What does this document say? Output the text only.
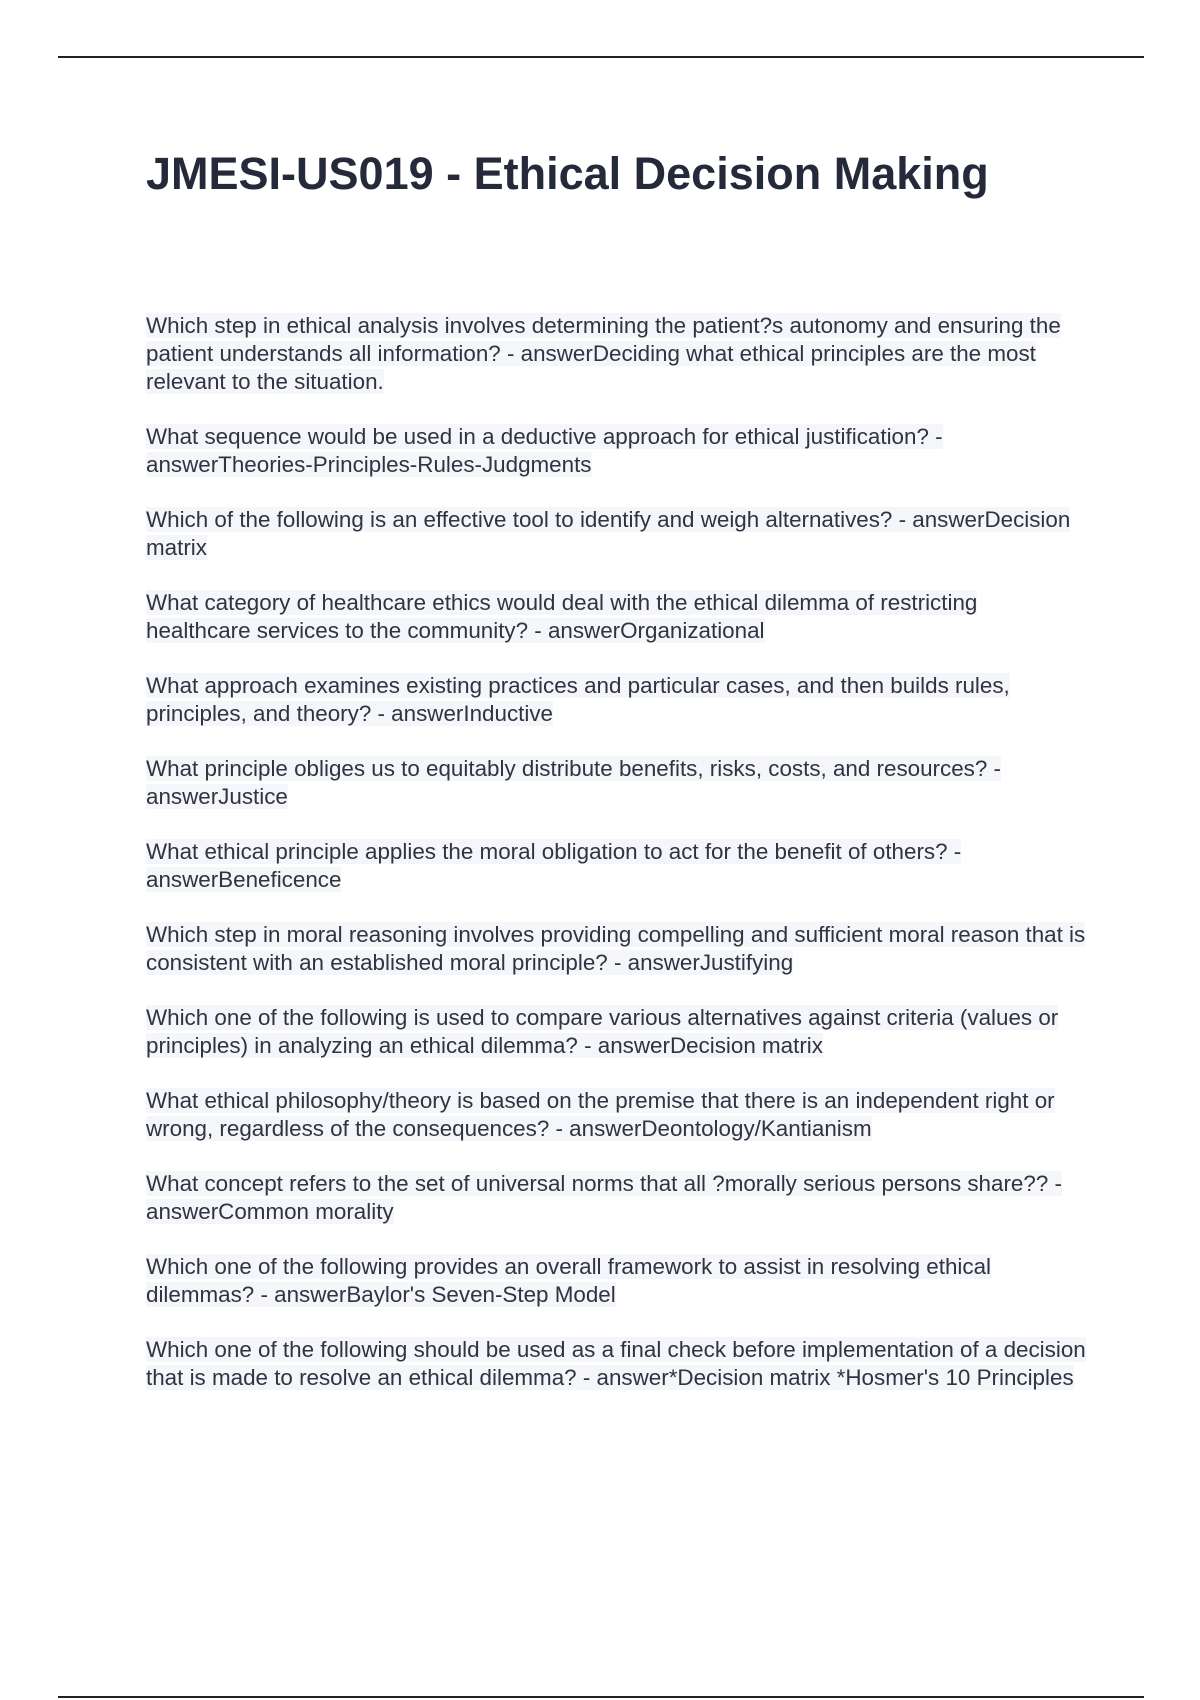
JMESI-US019 - Ethical Decision Making
Which step in ethical analysis involves determining the patient?s autonomy and ensuring the patient understands all information? - answerDeciding what ethical principles are the most relevant to the situation.
What sequence would be used in a deductive approach for ethical justification? - answerTheories-Principles-Rules-Judgments
Which of the following is an effective tool to identify and weigh alternatives? - answerDecision matrix
What category of healthcare ethics would deal with the ethical dilemma of restricting healthcare services to the community? - answerOrganizational
What approach examines existing practices and particular cases, and then builds rules, principles, and theory? - answerInductive
What principle obliges us to equitably distribute benefits, risks, costs, and resources? - answerJustice
What ethical principle applies the moral obligation to act for the benefit of others? - answerBeneficence
Which step in moral reasoning involves providing compelling and sufficient moral reason that is consistent with an established moral principle? - answerJustifying
Which one of the following is used to compare various alternatives against criteria (values or principles) in analyzing an ethical dilemma? - answerDecision matrix
What ethical philosophy/theory is based on the premise that there is an independent right or wrong, regardless of the consequences? - answerDeontology/Kantianism
What concept refers to the set of universal norms that all ?morally serious persons share?? - answerCommon morality
Which one of the following provides an overall framework to assist in resolving ethical dilemmas? - answerBaylor's Seven-Step Model
Which one of the following should be used as a final check before implementation of a decision that is made to resolve an ethical dilemma? - answer*Decision matrix *Hosmer's 10 Principles
